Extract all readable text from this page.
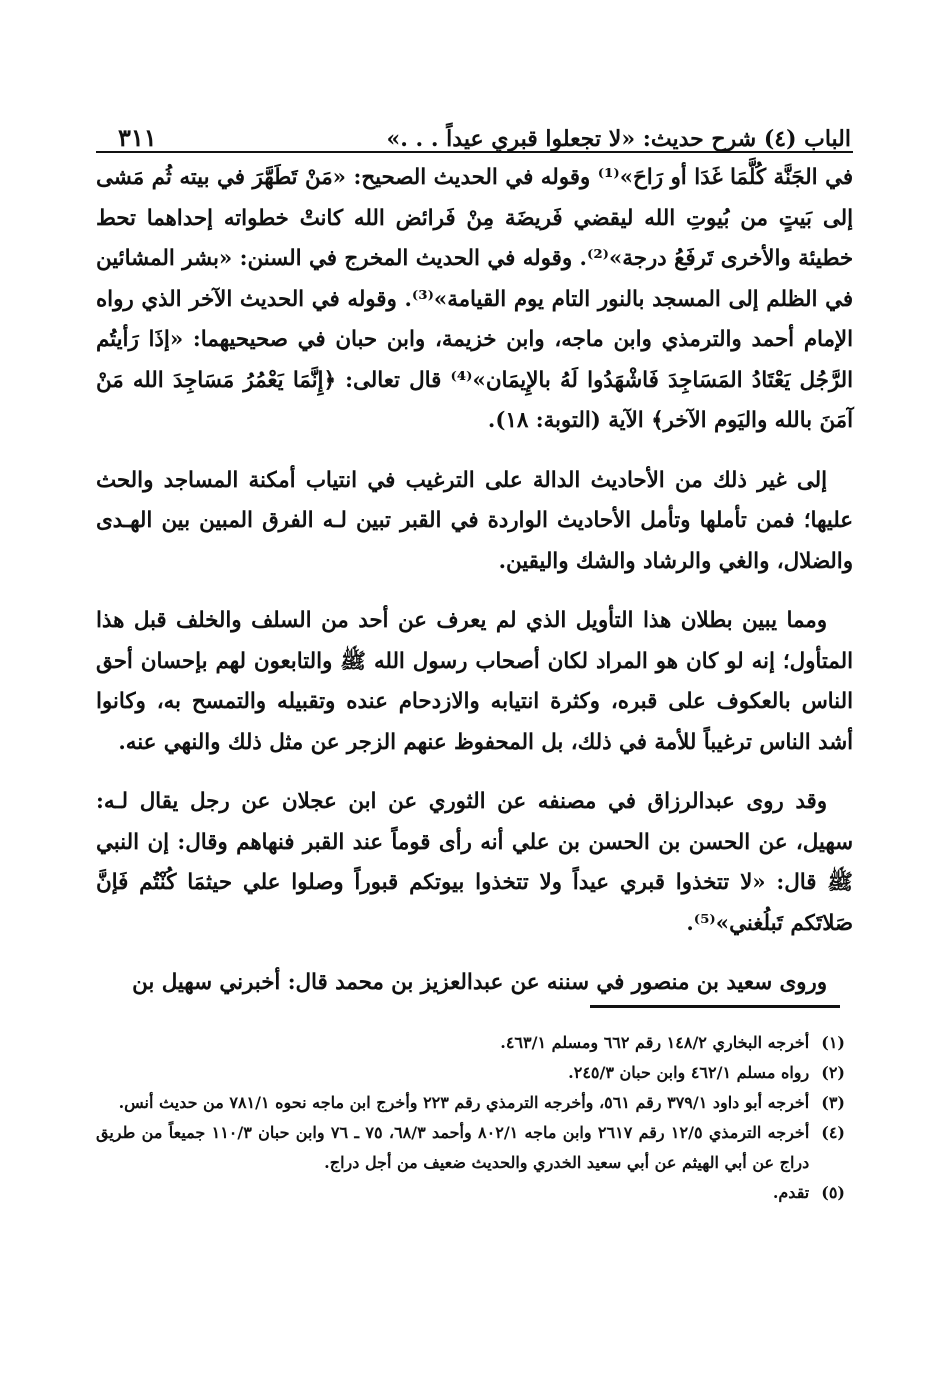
الباب (٤) شرح حديث: «لا تجعلوا قبري عيداً . . .»
٣١١

في الجَنَّة كُلَّمَا غَدَا أو رَاحَ»⁽¹⁾ وقوله في الحديث الصحيح: «مَنْ تَطَهَّرَ في بيته ثُم مَشى إلى بَيتٍ من بُيوتِ الله ليقضي فَريضَة مِنْ فَرائض الله كانتْ خطواته إحداهما تحط خطيئة والأخرى تَرفَعُ درجة»⁽²⁾. وقوله في الحديث المخرج في السنن: «بشر المشائين في الظلم إلى المسجد بالنور التام يوم القيامة»⁽³⁾. وقوله في الحديث الآخر الذي رواه الإمام أحمد والترمذي وابن ماجه، وابن خزيمة، وابن حبان في صحيحيهما: «إذَا رَأيتُم الرَّجُل يَعْتَادُ المَسَاجِدَ فَاشْهَدُوا لَهُ بالإِيمَان»⁽⁴⁾ قال تعالى: ﴿إِنَّمَا يَعْمُرُ مَسَاجِدَ الله مَنْ آمَنَ بالله واليَوم الآخر﴾ الآية (التوبة: ١٨).

إلى غير ذلك من الأحاديث الدالة على الترغيب في انتياب أمكنة المساجد والحث عليها؛ فمن تأملها وتأمل الأحاديث الواردة في القبر تبين لـه الفرق المبين بين الهـدى والضلال، والغي والرشاد والشك واليقين.

ومما يبين بطلان هذا التأويل الذي لم يعرف عن أحد من السلف والخلف قبل هذا المتأول؛ إنه لو كان هو المراد لكان أصحاب رسول الله ﷺ والتابعون لهم بإحسان أحق الناس بالعكوف على قبره، وكثرة انتيابه والازدحام عنده وتقبيله والتمسح به، وكانوا أشد الناس ترغيباً للأمة في ذلك، بل المحفوظ عنهم الزجر عن مثل ذلك والنهي عنه.

وقد روى عبدالرزاق في مصنفه عن الثوري عن ابن عجلان عن رجل يقال لـه: سهيل، عن الحسن بن الحسن بن علي أنه رأى قوماً عند القبر فنهاهم وقال: إن النبي ﷺ قال: «لا تتخذوا قبري عيداً ولا تتخذوا بيوتكم قبوراً وصلوا علي حيثمَا كُنْتُم فَإنَّ صَلاتَكم تَبلُغني»⁽⁵⁾.

وروى سعيد بن منصور في سننه عن عبدالعزيز بن محمد قال: أخبرني سهيل بن

(١)
أخرجه البخاري ١٤٨/٢ رقم ٦٦٢ ومسلم ٤٦٣/١.
(٢)
رواه مسلم ٤٦٢/١ وابن حبان ٢٤٥/٣.
(٣)
أخرجه أبو داود ٣٧٩/١ رقم ٥٦١، وأخرجه الترمذي رقم ٢٢٣ وأخرج ابن ماجه نحوه ٧٨١/١ من حديث أنس.
(٤)
أخرجه الترمذي ١٢/٥ رقم ٢٦١٧ وابن ماجه ٨٠٢/١ وأحمد ٦٨/٣، ٧٥ ـ ٧٦ وابن حبان ١١٠/٣ جميعاً من طريق دراج عن أبي الهيثم عن أبي سعيد الخدري والحديث ضعيف من أجل دراج.
(٥)
تقدم.
